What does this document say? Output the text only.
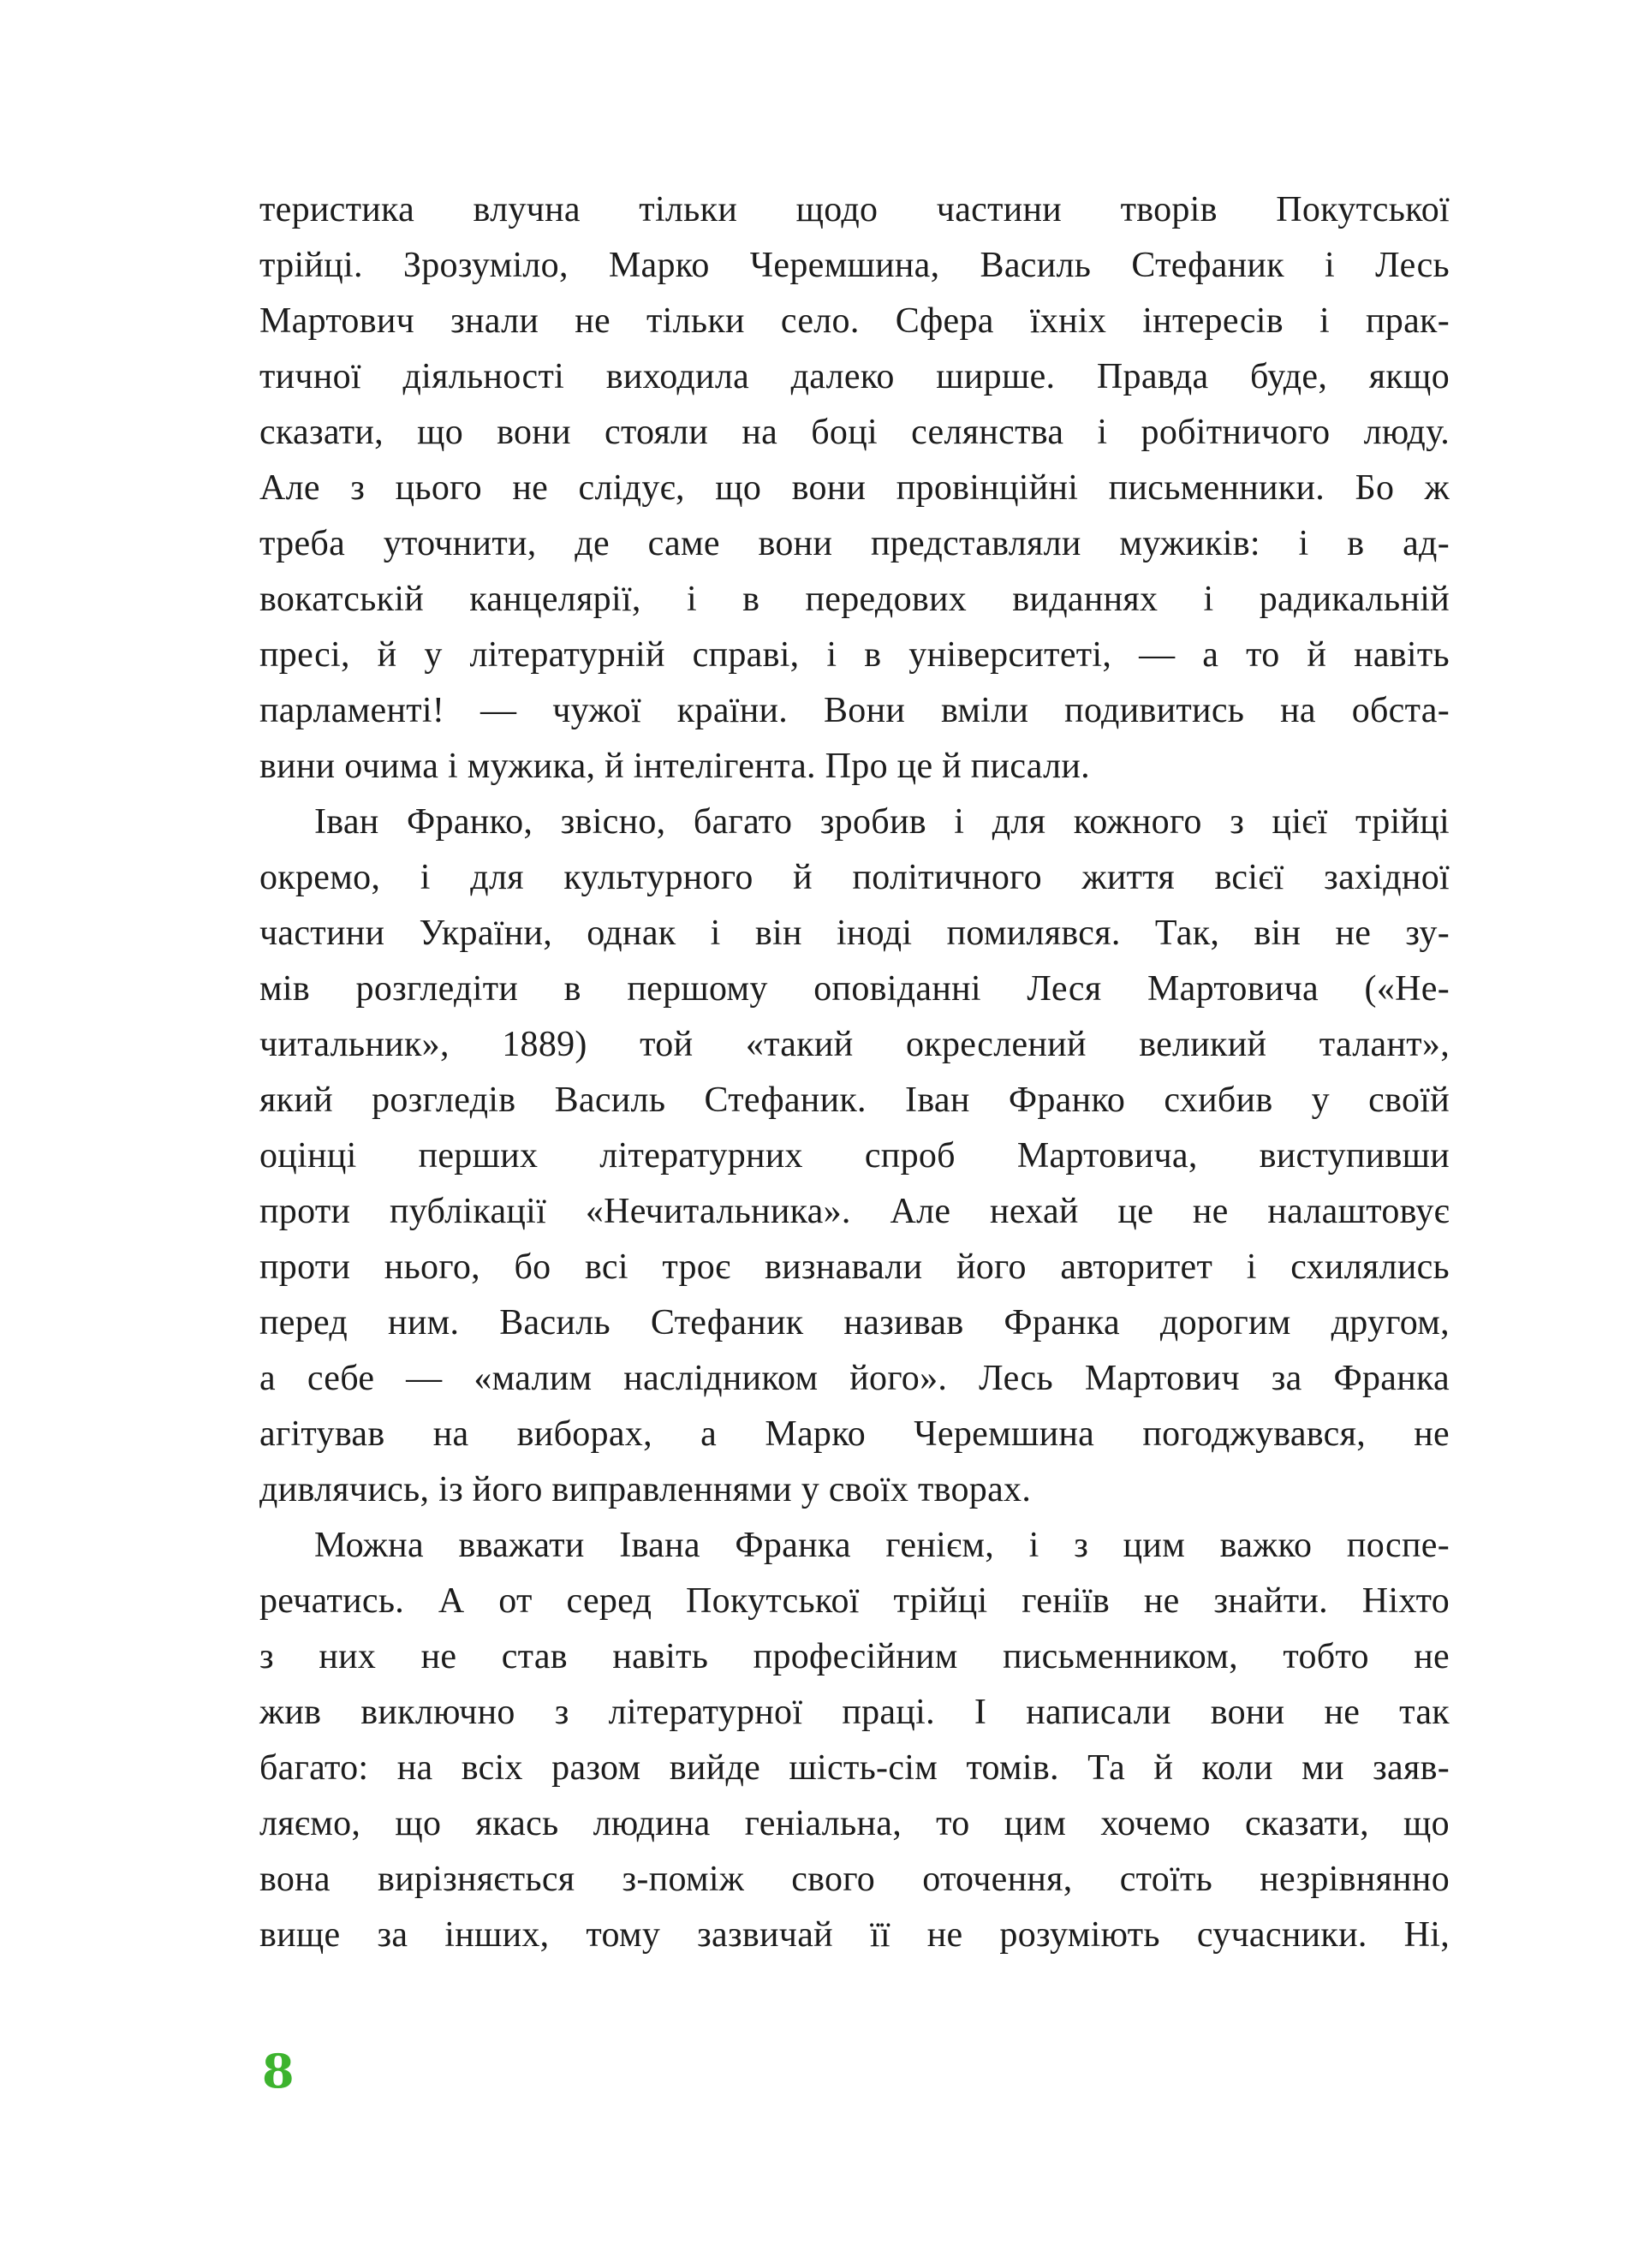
теристика влучна тільки щодо частини творів Покутської
трійці. Зрозуміло, Марко Черемшина, Василь Стефаник і Лесь
Мартович знали не тільки село. Сфера їхніх інтересів і прак-
тичної діяльності виходила далеко ширше. Правда буде, якщо
сказати, що вони стояли на боці селянства і робітничого люду.
Але з цього не слідує, що вони провінційні письменники. Бо ж
треба уточнити, де саме вони представляли мужиків: і в ад-
вокатській канцелярії, і в передових виданнях і радикальній
пресі, й у літературній справі, і в університеті, — а то й навіть
парламенті! — чужої країни. Вони вміли подивитись на обста-
вини очима і мужика, й інтелігента. Про це й писали.
Іван Франко, звісно, багато зробив і для кожного з цієї трійці
окремо, і для культурного й політичного життя всієї західної
частини України, однак і він іноді помилявся. Так, він не зу-
мів розгледіти в першому оповіданні Леся Мартовича («Не-
читальник», 1889) той «такий окреслений великий талант»,
який розгледів Василь Стефаник. Іван Франко схибив у своїй
оцінці перших літературних спроб Мартовича, виступивши
проти публікації «Нечитальника». Але нехай це не налаштовує
проти нього, бо всі троє визнавали його авторитет і схилялись
перед ним. Василь Стефаник називав Франка дорогим другом,
а себе — «малим наслідником його». Лесь Мартович за Франка
агітував на виборах, а Марко Черемшина погоджувався, не
дивлячись, із його виправленнями у своїх творах.
Можна вважати Івана Франка генієм, і з цим важко поспе-
речатись. А от серед Покутської трійці геніїв не знайти. Ніхто
з них не став навіть професійним письменником, тобто не
жив виключно з літературної праці. І написали вони не так
багато: на всіх разом вийде шість-сім томів. Та й коли ми заяв-
ляємо, що якась людина геніальна, то цим хочемо сказати, що
вона вирізняється з-поміж свого оточення, стоїть незрівнянно
вище за інших, тому зазвичай її не розуміють сучасники. Ні,
8
